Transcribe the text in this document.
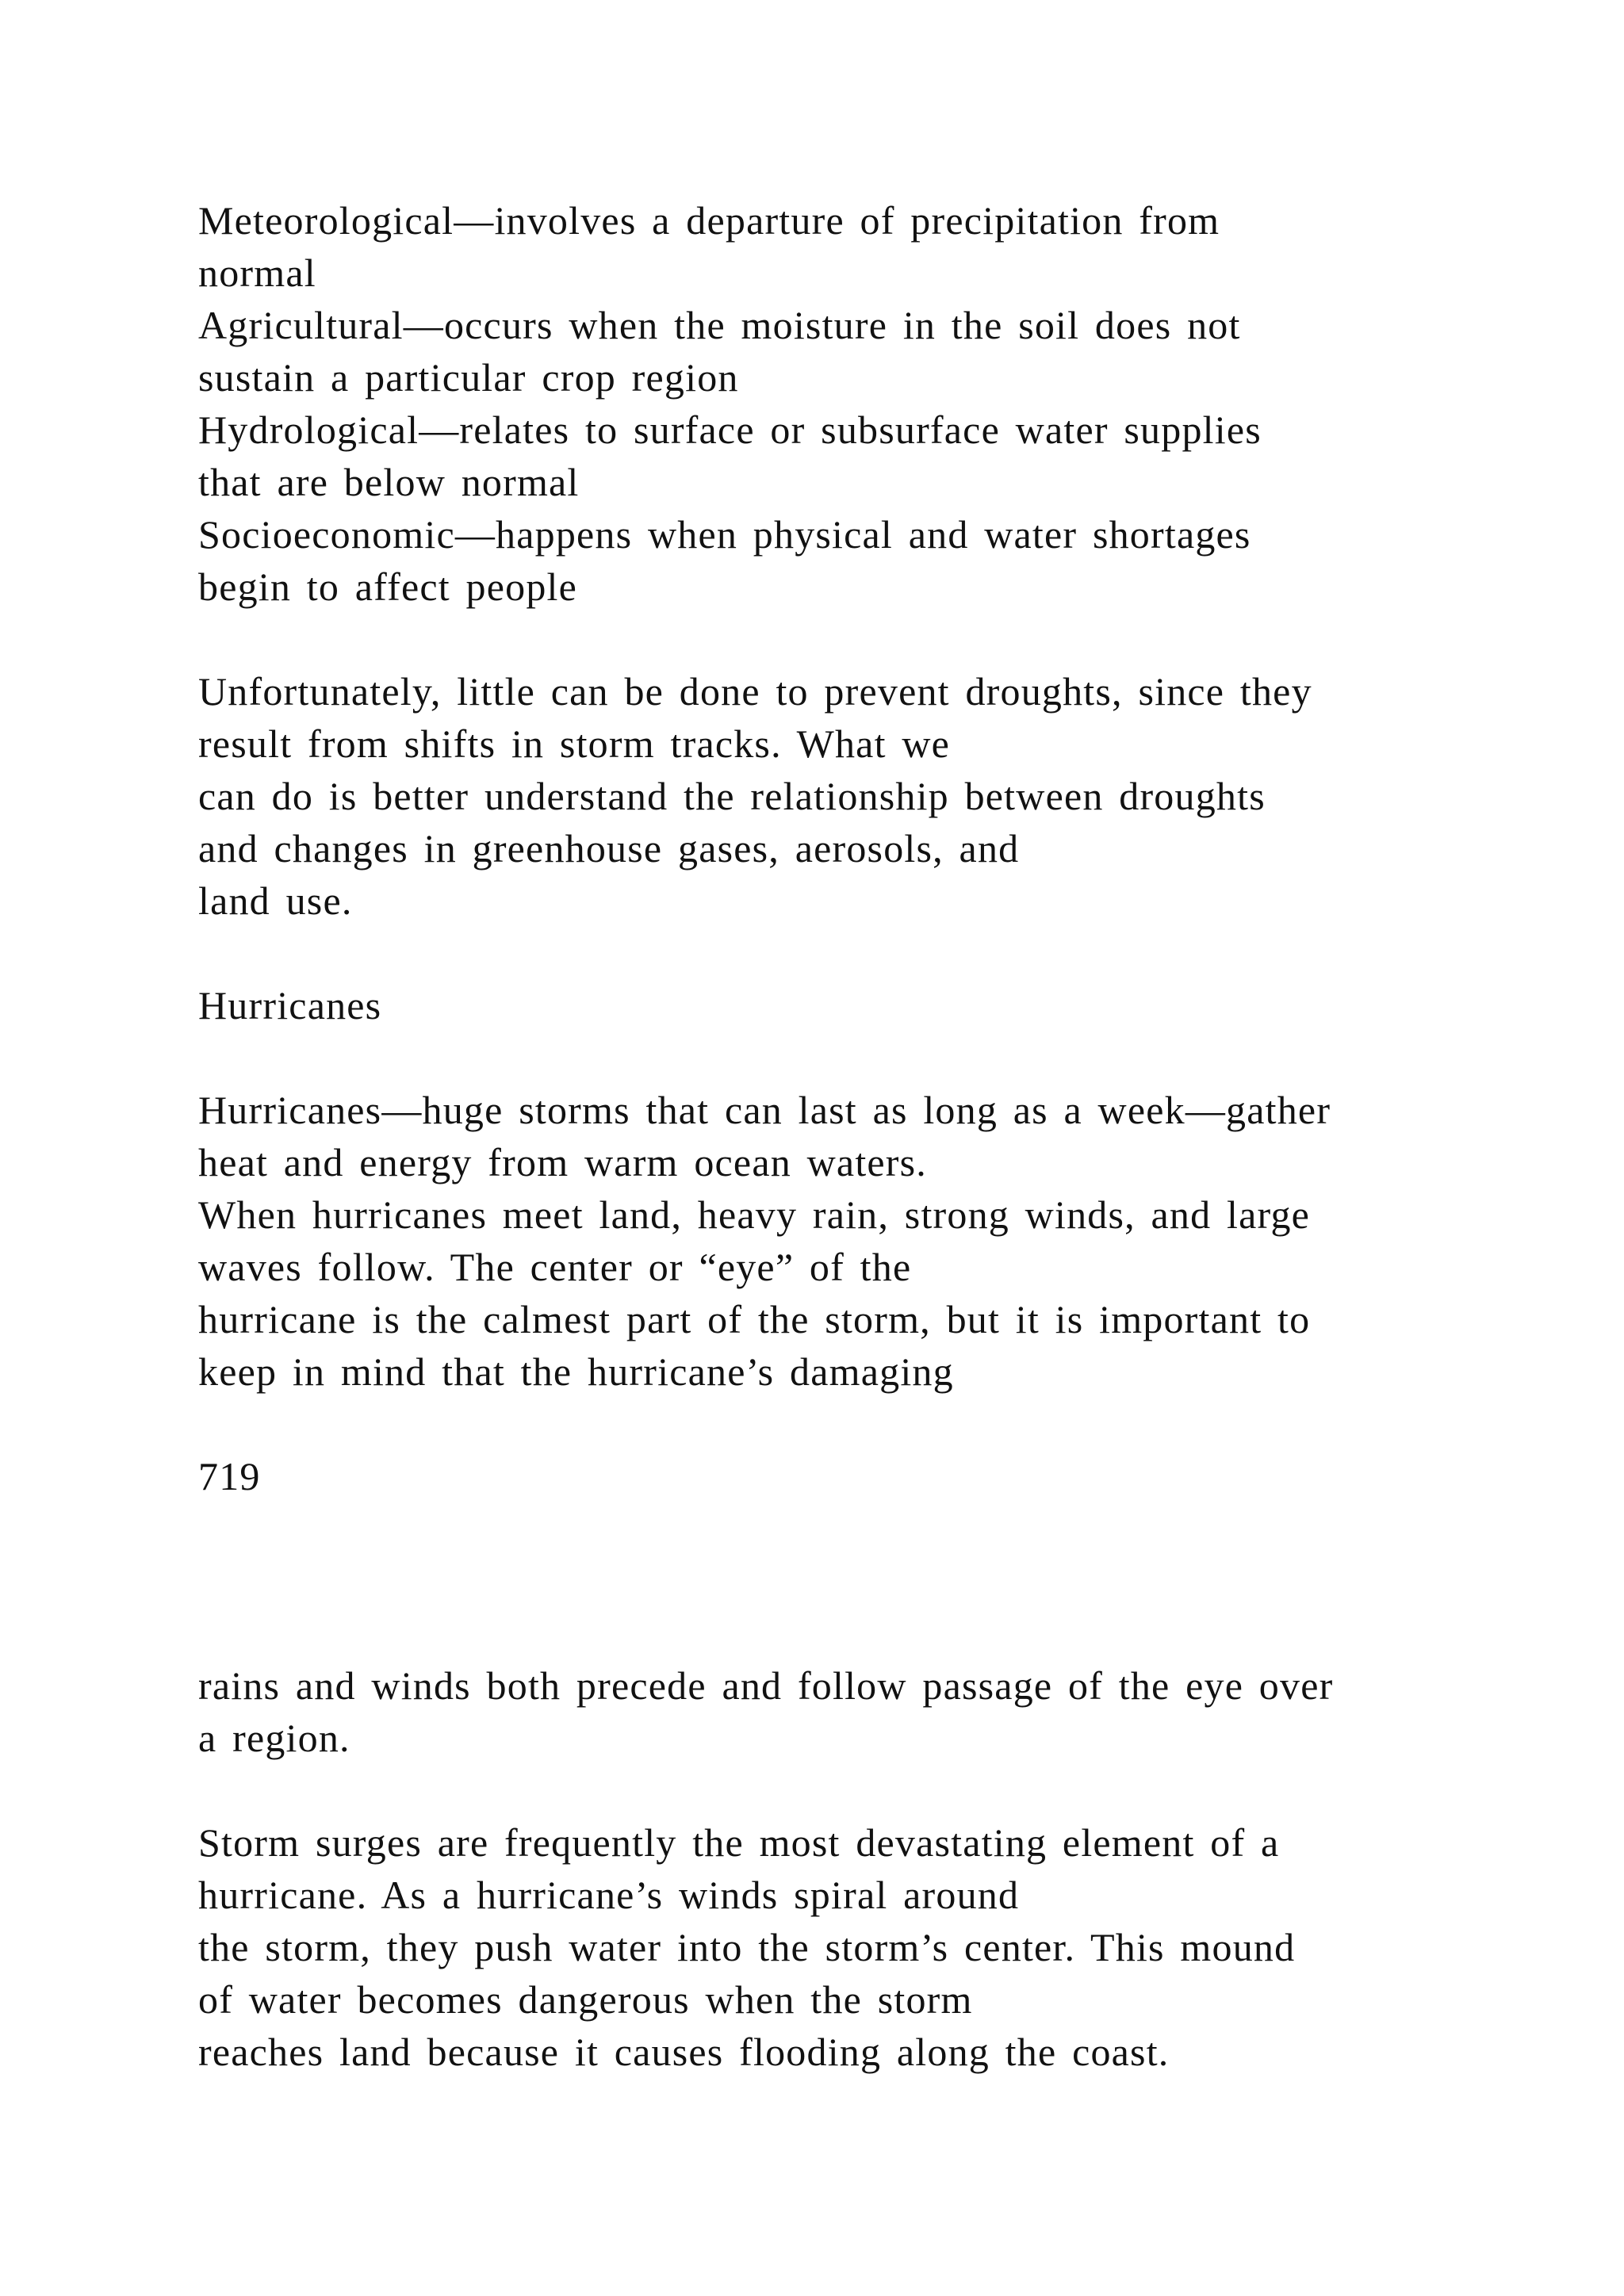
Meteorological—involves a departure of precipitation from

normal

Agricultural—occurs when the moisture in the soil does not

sustain a particular crop region

Hydrological—relates to surface or subsurface water supplies

that are below normal

Socioeconomic—happens when physical and water shortages

begin to affect people

Unfortunately, little can be done to prevent droughts, since they

result from shifts in storm tracks. What we

can do is better understand the relationship between droughts

and changes in greenhouse gases, aerosols, and

land use.

Hurricanes

Hurricanes—huge storms that can last as long as a week—gather

heat and energy from warm ocean waters.

When hurricanes meet land, heavy rain, strong winds, and large

waves follow. The center or “eye” of the

hurricane is the calmest part of the storm, but it is important to

keep in mind that the hurricane’s damaging

719

rains and winds both precede and follow passage of the eye over

a region.

Storm surges are frequently the most devastating element of a

hurricane. As a hurricane’s winds spiral around

the storm, they push water into the storm’s center. This mound

of water becomes dangerous when the storm

reaches land because it causes flooding along the coast.
